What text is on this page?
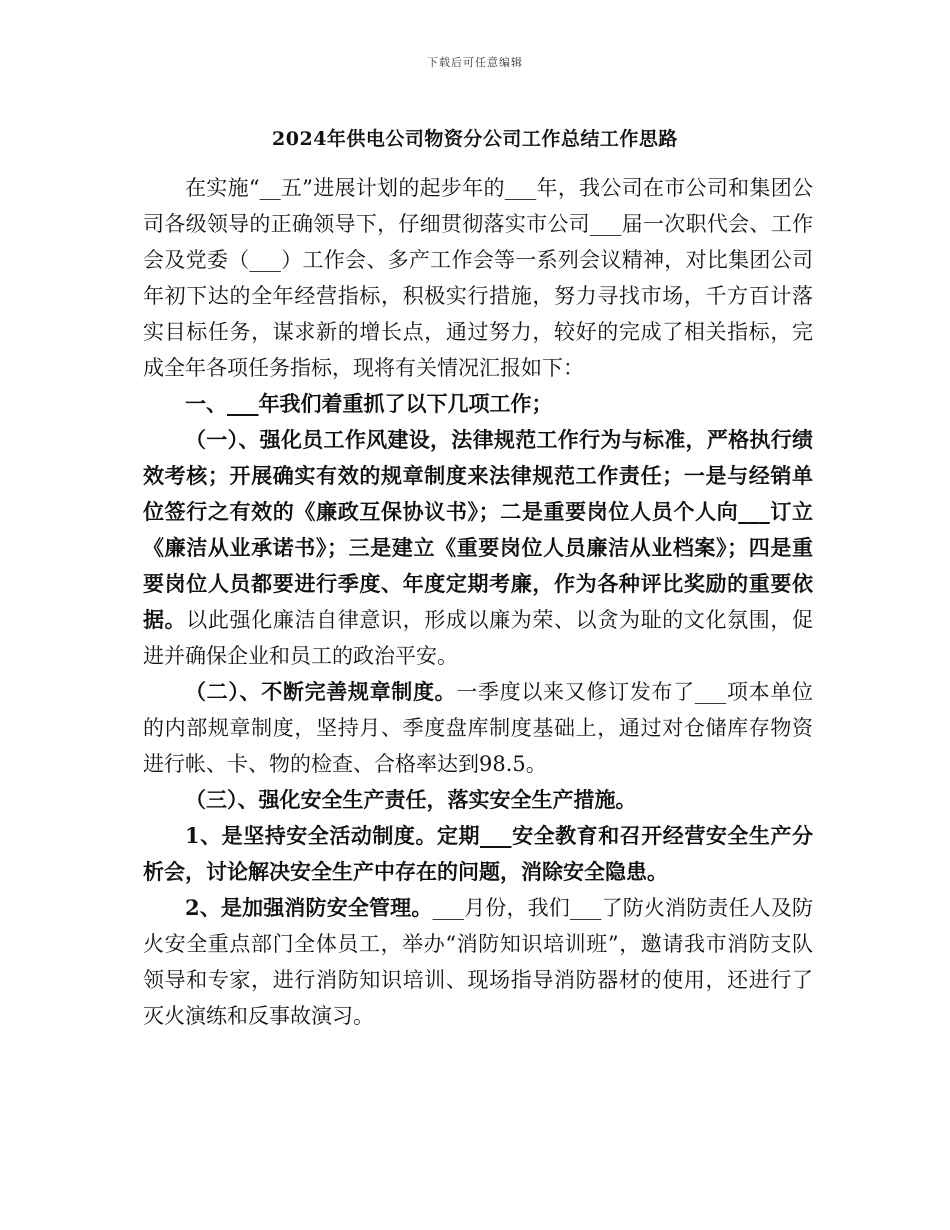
下载后可任意编辑
2024年供电公司物资分公司工作总结工作思路

在实施“__五”进展计划的起步年的___年，我公司在市公司和集团公司各级领导的正确领导下，仔细贯彻落实市公司___届一次职代会、工作会及党委（___）工作会、多产工作会等一系列会议精神，对比集团公司年初下达的全年经营指标，积极实行措施，努力寻找市场，千方百计落实目标任务，谋求新的增长点，通过努力，较好的完成了相关指标，完成全年各项任务指标，现将有关情况汇报如下：

一、___年我们着重抓了以下几项工作；

（一）、强化员工作风建设，法律规范工作行为与标准，严格执行绩效考核；开展确实有效的规章制度来法律规范工作责任；一是与经销单位签行之有效的《廉政互保协议书》；二是重要岗位人员个人向___订立《廉洁从业承诺书》；三是建立《重要岗位人员廉洁从业档案》；四是重要岗位人员都要进行季度、年度定期考廉，作为各种评比奖励的重要依据。以此强化廉洁自律意识，形成以廉为荣、以贪为耻的文化氛围，促进并确保企业和员工的政治平安。

（二）、不断完善规章制度。一季度以来又修订发布了___项本单位的内部规章制度，坚持月、季度盘库制度基础上，通过对仓储库存物资进行帐、卡、物的检查、合格率达到98.5。

（三）、强化安全生产责任，落实安全生产措施。

1、是坚持安全活动制度。定期___安全教育和召开经营安全生产分析会，讨论解决安全生产中存在的问题，消除安全隐患。

2、是加强消防安全管理。___月份，我们___了防火消防责任人及防火安全重点部门全体员工，举办“消防知识培训班”，邀请我市消防支队领导和专家，进行消防知识培训、现场指导消防器材的使用，还进行了灭火演练和反事故演习。
